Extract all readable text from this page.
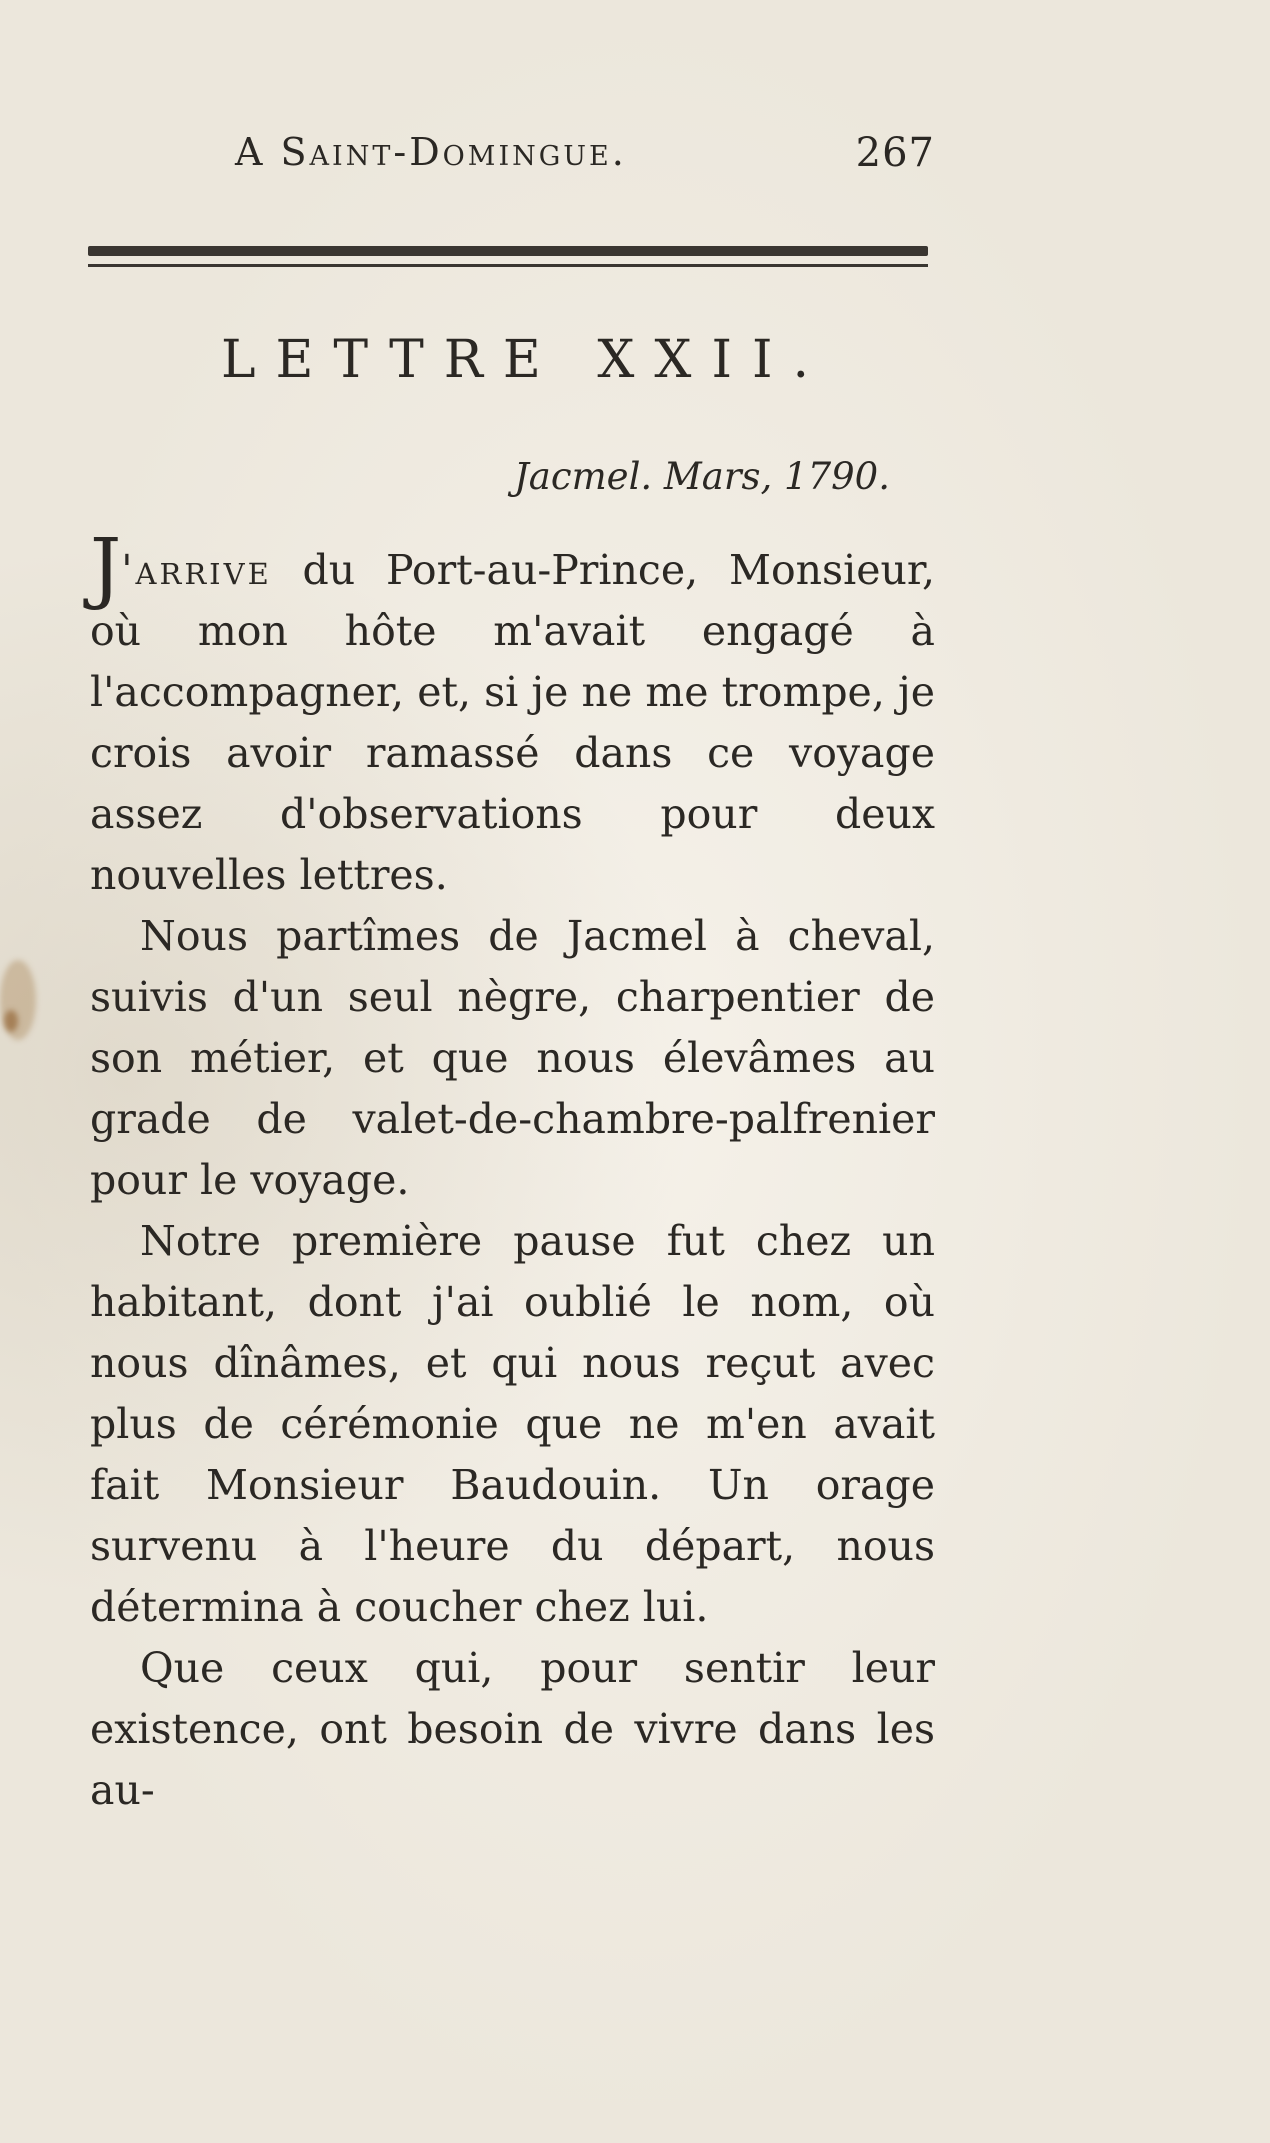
A Saint-Domingue.	267
LETTRE XXII.
Jacmel. Mars, 1790.

J'arrive du Port-au-Prince, Monsieur, où mon hôte m'avait engagé à l'accompagner, et, si je ne me trompe, je crois avoir ramassé dans ce voyage assez d'observations pour deux nouvelles lettres.

Nous partîmes de Jacmel à cheval, suivis d'un seul nègre, charpentier de son métier, et que nous élevâmes au grade de valet-de-chambre-palfrenier pour le voyage.

Notre première pause fut chez un habitant, dont j'ai oublié le nom, où nous dînâmes, et qui nous reçut avec plus de cérémonie que ne m'en avait fait Monsieur Baudouin. Un orage survenu à l'heure du départ, nous détermina à coucher chez lui.

Que ceux qui, pour sentir leur existence, ont besoin de vivre dans les au-
